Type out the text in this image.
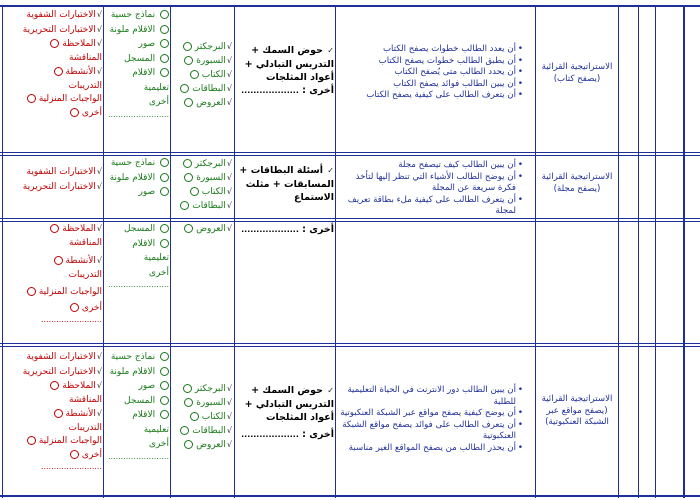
√الاختبارات الشفوية
√الاختبارات التحريرية
√الملاحظة
المناقشة
√الأنشطة
التدريبات
الواجبات المنزلية
أخرى
نماذج حسية
الاقلام ملونة
صور
المسجل
الاقلام
تعليمية
أخرى
........................
√البرجكتر
√السبورة
√الكتاب
√البطاقات
√العروض
✓ حوض السمك +
التدريس التبادلي +
أعواد المثلجات
أخرى : ...................
• أن يعدد الطالب خطوات يصفح الكتاب
• أن يطبق الطالب خطوات يصفح الكتاب
• أن يحدد الطالب متى يُصفح الكتاب
• أن يبين الطالب فوائد يصفح الكتاب
• أن يتعرف الطالب على كيفية يصفح الكتاب
الاستراتيجية القرائية (يصفح كتاب)
√الاختبارات الشفوية
√الاختبارات التحريرية
نماذج حسية
الاقلام ملونة
صور
√البرجكتر
√السبورة
√الكتاب
√البطاقات
✓ أسئلة البطاقات +
المسابقات + مثلث
الاستماع
• أن يبين الطالب كيف تيصفح مجلة
• أن يوضح الطالب الأشياء التي تنظر إليها لتأخذ فكرة سريعة عن المجلة
• أن يتعرف الطالب على كيفية ملء بطاقة تعريف لمجلة
الاستراتيجية القرائية (يصفح مجلة)
√الملاحظة
المناقشة
√الأنشطة
التدريبات
الواجبات المنزلية
أخرى
........................
المسجل
الاقلام
تعليمية
أخرى
........................
√العروض	أخرى : ...................
√الاختبارات الشفوية
√الاختبارات التحريرية
√الملاحظة
المناقشة
√الأنشطة
التدريبات
الواجبات المنزلية
أخرى
........................
نماذج حسية
الاقلام ملونة
صور
المسجل
الاقلام
تعليمية
أخرى
........................
√البرجكتر
√السبورة
√الكتاب
√البطاقات
√العروض
✓ حوض السمك +
التدريس التبادلي +
أعواد المثلجات
أخرى : ...................
• أن يبين الطالب دور الانترنت في الحياة التعليمية للطلبة
• أن يوضح كيفية يصفح مواقع عبر الشبكة العنكبوتية
• أن يتعرف الطالب على فوائد يصفح مواقع الشبكة العنكبوتية
• أن يحذر الطالب من يصفح المواقع الغير مناسبة
الاستراتيجية القرائية (يصفح مواقع عبر الشبكة العنكبوتية)
